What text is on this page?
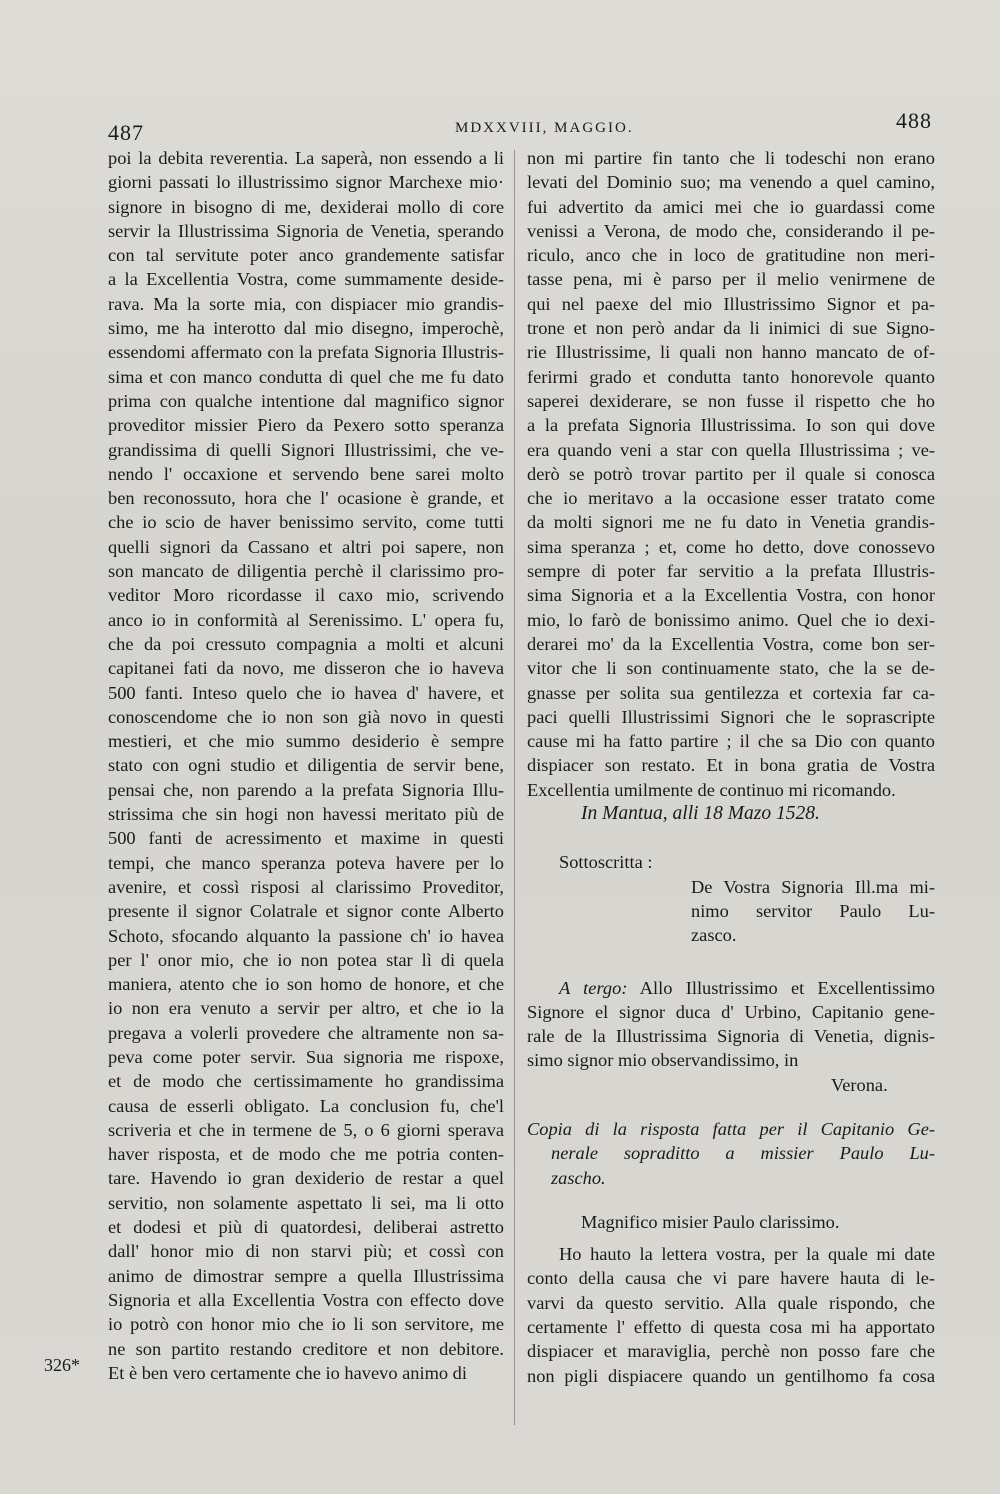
487	MDXXVIII, MAGGIO.	488
326*
poi la debita reverentia. La saperà, non essendo a li
giorni passati lo illustrissimo signor Marchexe mio·
signore in bisogno di me, dexiderai mollo di core
servir la Illustrissima Signoria de Venetia, sperando
con tal servitute poter anco grandemente satisfar
a la Excellentia Vostra, come summamente deside-
rava. Ma la sorte mia, con dispiacer mio grandis-
simo, me ha interotto dal mio disegno, imperochè,
essendomi affermato con la prefata Signoria Illustris-
sima et con manco condutta di quel che me fu dato
prima con qualche intentione dal magnifico signor
proveditor missier Piero da Pexero sotto speranza
grandissima di quelli Signori Illustrissimi, che ve-
nendo l' occaxione et servendo bene sarei molto
ben reconossuto, hora che l' ocasione è grande, et
che io scio de haver benissimo servito, come tutti
quelli signori da Cassano et altri poi sapere, non
son mancato de diligentia perchè il clarissimo pro-
veditor Moro ricordasse il caxo mio, scrivendo
anco io in conformità al Serenissimo. L' opera fu,
che da poi cressuto compagnia a molti et alcuni
capitanei fati da novo, me disseron che io haveva
500 fanti. Inteso quelo che io havea d' havere, et
conoscendome che io non son già novo in questi
mestieri, et che mio summo desiderio è sempre
stato con ogni studio et diligentia de servir bene,
pensai che, non parendo a la prefata Signoria Illu-
strissima che sin hogi non havessi meritato più de
500 fanti de acressimento et maxime in questi
tempi, che manco speranza poteva havere per lo
avenire, et cossì risposi al clarissimo Proveditor,
presente il signor Colatrale et signor conte Alberto
Schoto, sfocando alquanto la passione ch' io havea
per l' onor mio, che io non potea star lì di quela
maniera, atento che io son homo de honore, et che
io non era venuto a servir per altro, et che io la
pregava a volerli provedere che altramente non sa-
peva come poter servir. Sua signoria me rispoxe,
et de modo che certissimamente ho grandissima
causa de esserli obligato. La conclusion fu, che'l
scriveria et che in termene de 5, o 6 giorni sperava
haver risposta, et de modo che me potria conten-
tare. Havendo io gran dexiderio de restar a quel
servitio, non solamente aspettato li sei, ma li otto
et dodesi et più di quatordesi, deliberai astretto
dall' honor mio di non starvi più; et cossì con
animo de dimostrar sempre a quella Illustrissima
Signoria et alla Excellentia Vostra con effecto dove
io potrò con honor mio che io li son servitore, me
ne son partito restando creditore et non debitore.
Et è ben vero certamente che io havevo animo di
non mi partire fin tanto che li todeschi non erano
levati del Dominio suo; ma venendo a quel camino,
fui advertito da amici mei che io guardassi come
venissi a Verona, de modo che, considerando il pe-
riculo, anco che in loco de gratitudine non meri-
tasse pena, mi è parso per il melio venirmene de
qui nel paexe del mio Illustrissimo Signor et pa-
trone et non però andar da li inimici di sue Signo-
rie Illustrissime, li quali non hanno mancato de of-
ferirmi grado et condutta tanto honorevole quanto
saperei dexiderare, se non fusse il rispetto che ho
a la prefata Signoria Illustrissima. Io son qui dove
era quando veni a star con quella Illustrissima ; ve-
derò se potrò trovar partito per il quale si conosca
che io meritavo a la occasione esser tratato come
da molti signori me ne fu dato in Venetia grandis-
sima speranza ; et, come ho detto, dove conossevo
sempre di poter far servitio a la prefata Illustris-
sima Signoria et a la Excellentia Vostra, con honor
mio, lo farò de bonissimo animo. Quel che io dexi-
derarei mo' da la Excellentia Vostra, come bon ser-
vitor che li son continuamente stato, che la se de-
gnasse per solita sua gentilezza et cortexia far ca-
paci quelli Illustrissimi Signori che le soprascripte
cause mi ha fatto partire ; il che sa Dio con quanto
dispiacer son restato. Et in bona gratia de Vostra
Excellentia umilmente de continuo mi ricomando.
In Mantua, alli 18 Mazo 1528.
Sottoscritta :
De Vostra Signoria Ill.ma mi-
nimo servitor Paulo Lu-
zasco.
A tergo: Allo Illustrissimo et Excellentissimo
Signore el signor duca d' Urbino, Capitanio gene-
rale de la Illustrissima Signoria di Venetia, dignis-
simo signor mio observandissimo, in
Verona.
Copia di la risposta fatta per il Capitanio Ge-
nerale sopraditto a missier Paulo Lu-
zascho.
Magnifico misier Paulo clarissimo.
Ho hauto la lettera vostra, per la quale mi date
conto della causa che vi pare havere hauta di le-
varvi da questo servitio. Alla quale rispondo, che
certamente l' effetto di questa cosa mi ha apportato
dispiacer et maraviglia, perchè non posso fare che
non pigli dispiacere quando un gentilhomo fa cosa
